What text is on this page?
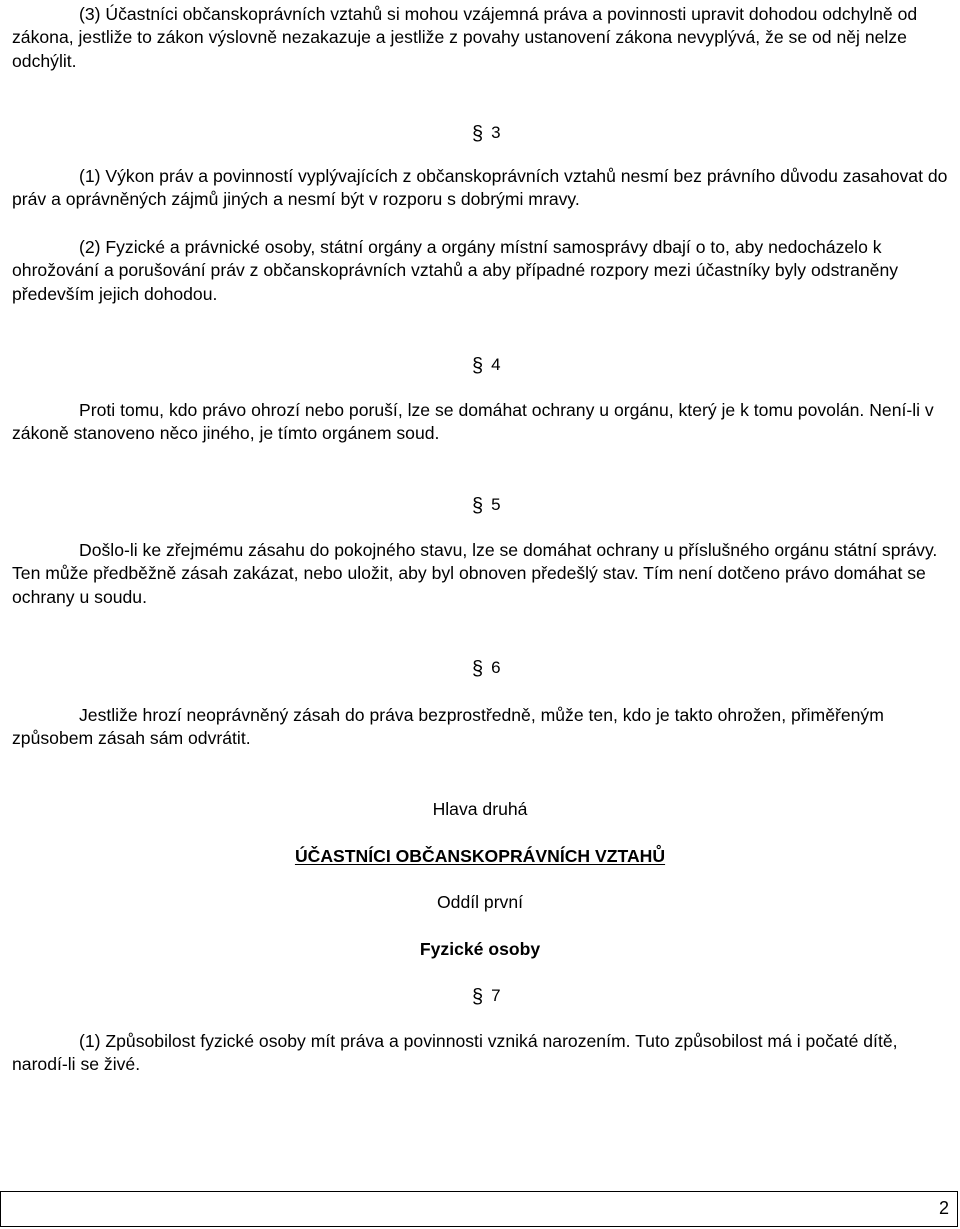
(3) Účastníci občanskoprávních vztahů si mohou vzájemná práva a povinnosti upravit dohodou odchylně od zákona, jestliže to zákon výslovně nezakazuje a jestliže z povahy ustanovení zákona nevyplývá, že se od něj nelze odchýlit.

§ 3

(1) Výkon práv a povinností vyplývajících z občanskoprávních vztahů nesmí bez právního důvodu zasahovat do práv a oprávněných zájmů jiných a nesmí být v rozporu s dobrými mravy.

(2) Fyzické a právnické osoby, státní orgány a orgány místní samosprávy dbají o to, aby nedocházelo k ohrožování a porušování práv z občanskoprávních vztahů a aby případné rozpory mezi účastníky byly odstraněny především jejich dohodou.

§ 4

Proti tomu, kdo právo ohrozí nebo poruší, lze se domáhat ochrany u orgánu, který je k tomu povolán. Není-li v zákoně stanoveno něco jiného, je tímto orgánem soud.

§ 5

Došlo-li ke zřejmému zásahu do pokojného stavu, lze se domáhat ochrany u příslušného orgánu státní správy. Ten může předběžně zásah zakázat, nebo uložit, aby byl obnoven předešlý stav. Tím není dotčeno právo domáhat se ochrany u soudu.

§ 6

Jestliže hrozí neoprávněný zásah do práva bezprostředně, může ten, kdo je takto ohrožen, přiměřeným způsobem zásah sám odvrátit.

Hlava druhá
ÚČASTNÍCI OBČANSKOPRÁVNÍCH VZTAHŮ
Oddíl první
Fyzické osoby
§ 7

(1) Způsobilost fyzické osoby mít práva a povinnosti vzniká narozením. Tuto způsobilost má i počaté dítě, narodí-li se živé.

2
